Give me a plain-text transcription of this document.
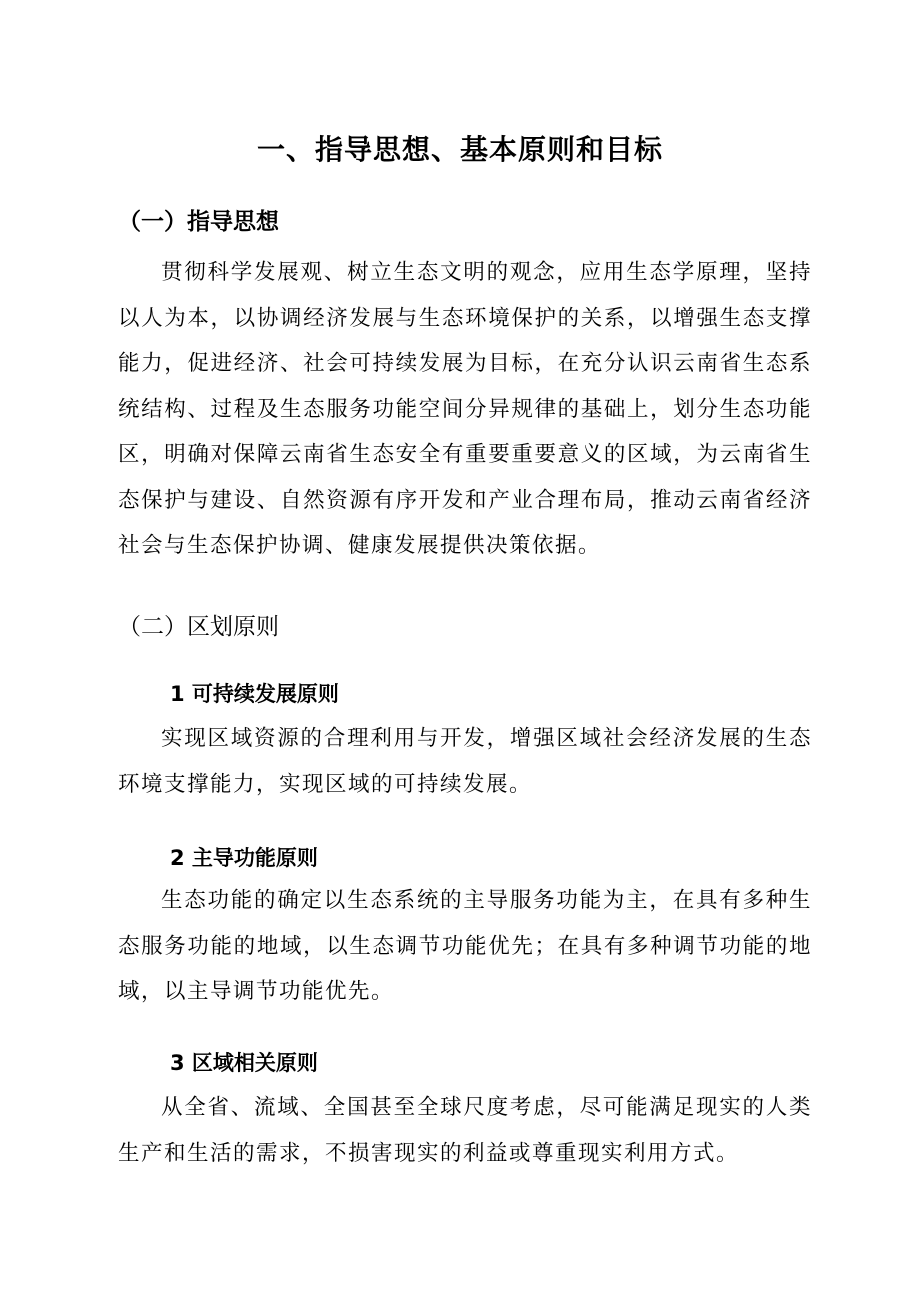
一、指导思想、基本原则和目标
（一）指导思想
贯彻科学发展观、树立生态文明的观念，应用生态学原理，坚持以人为本，以协调经济发展与生态环境保护的关系，以增强生态支撑能力，促进经济、社会可持续发展为目标，在充分认识云南省生态系统结构、过程及生态服务功能空间分异规律的基础上，划分生态功能区，明确对保障云南省生态安全有重要重要意义的区域，为云南省生态保护与建设、自然资源有序开发和产业合理布局，推动云南省经济社会与生态保护协调、健康发展提供决策依据。
（二）区划原则
1 可持续发展原则
实现区域资源的合理利用与开发，增强区域社会经济发展的生态环境支撑能力，实现区域的可持续发展。
2 主导功能原则
生态功能的确定以生态系统的主导服务功能为主，在具有多种生态服务功能的地域，以生态调节功能优先；在具有多种调节功能的地域，以主导调节功能优先。
3 区域相关原则
从全省、流域、全国甚至全球尺度考虑，尽可能满足现实的人类生产和生活的需求，不损害现实的利益或尊重现实利用方式。
